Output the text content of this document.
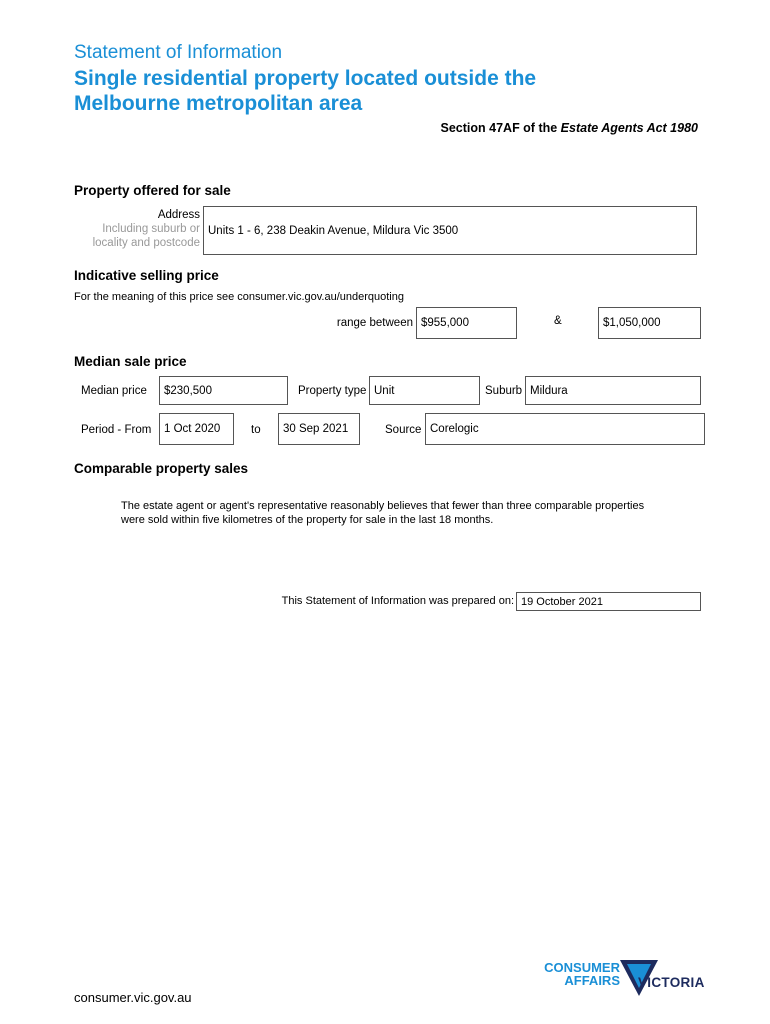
Statement of Information
Single residential property located outside the
Melbourne metropolitan area
Section 47AF of the Estate Agents Act 1980
Property offered for sale
Address
Including suburb or
locality and postcode
Units 1 - 6, 238 Deakin Avenue, Mildura Vic 3500
Indicative selling price
For the meaning of this price see consumer.vic.gov.au/underquoting
range between $955,000	&	$1,050,000
Median sale price
Median price $230,500	Property type Unit	Suburb Mildura
Period - From 1 Oct 2020	to 30 Sep 2021	Source Corelogic
Comparable property sales
The estate agent or agent's representative reasonably believes that fewer than three comparable properties
were sold within five kilometres of the property for sale in the last 18 months.
This Statement of Information was prepared on: 19 October 2021
consumer.vic.gov.au
CONSUMER
AFFAIRS VICTORIA
